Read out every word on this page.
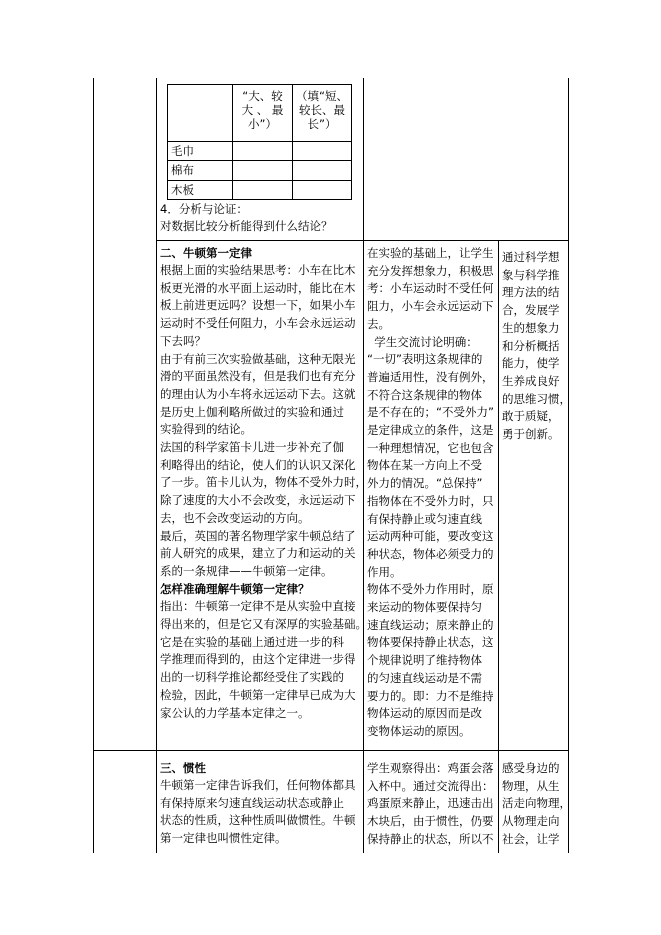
“大、较
大 、 最
小”）

（填“短、
较长、最
长”）

毛巾

棉布

木板

4．分析与论证：

对数据比较分析能得到什么结论？

二、牛顿第一定律

根据上面的实验结果思考：小车在比木

板更光滑的水平面上运动时，能比在木

板上前进更远吗？设想一下，如果小车

运动时不受任何阻力，小车会永远运动

下去吗？

由于有前三次实验做基础，这种无限光

滑的平面虽然没有，但是我们也有充分

的理由认为小车将永远运动下去。这就

是历史上伽利略所做过的实验和通过

实验得到的结论。

法国的科学家笛卡儿进一步补充了伽

利略得出的结论，使人们的认识又深化

了一步。笛卡儿认为，物体不受外力时，

除了速度的大小不会改变，永远运动下

去，也不会改变运动的方向。

最后，英国的著名物理学家牛顿总结了

前人研究的成果，建立了力和运动的关

系的一条规律——牛顿第一定律。

怎样准确理解牛顿第一定律？

指出：牛顿第一定律不是从实验中直接

得出来的，但是它又有深厚的实验基础。

它是在实验的基础上通过进一步的科

学推理而得到的，由这个定律进一步得

出的一切科学推论都经受住了实践的

检验，因此，牛顿第一定律早已成为大

家公认的力学基本定律之一。

在实验的基础上，让学生

充分发挥想象力，积极思

考：小车运动时不受任何

阻力，小车会永远运动下

去。

学生交流讨论明确：

“一切”表明这条规律的

普遍适用性，没有例外，

不符合这条规律的物体

是不存在的；“不受外力”

是定律成立的条件，这是

一种理想情况，它也包含

物体在某一方向上不受

外力的情况。“总保持”

指物体在不受外力时，只

有保持静止或匀速直线

运动两种可能，要改变这

种状态，物体必须受力的

作用。

物体不受外力作用时，原

来运动的物体要保持匀

速直线运动；原来静止的

物体要保持静止状态，这

个规律说明了维持物体

的匀速直线运动是不需

要力的。即：力不是维持

物体运动的原因而是改

变物体运动的原因。

通过科学想

象与科学推

理方法的结

合，发展学

生的想象力

和分析概括

能力，使学

生养成良好

的思维习惯，

敢于质疑，

勇于创新。

三、惯性

牛顿第一定律告诉我们，任何物体都具

有保持原来匀速直线运动状态或静止

状态的性质，这种性质叫做惯性。牛顿

第一定律也叫惯性定律。

学生观察得出：鸡蛋会落

入杯中。通过交流得出：

鸡蛋原来静止，迅速击出

木块后，由于惯性，仍要

保持静止的状态，所以不

感受身边的

物理，从生

活走向物理，

从物理走向

社会，让学
